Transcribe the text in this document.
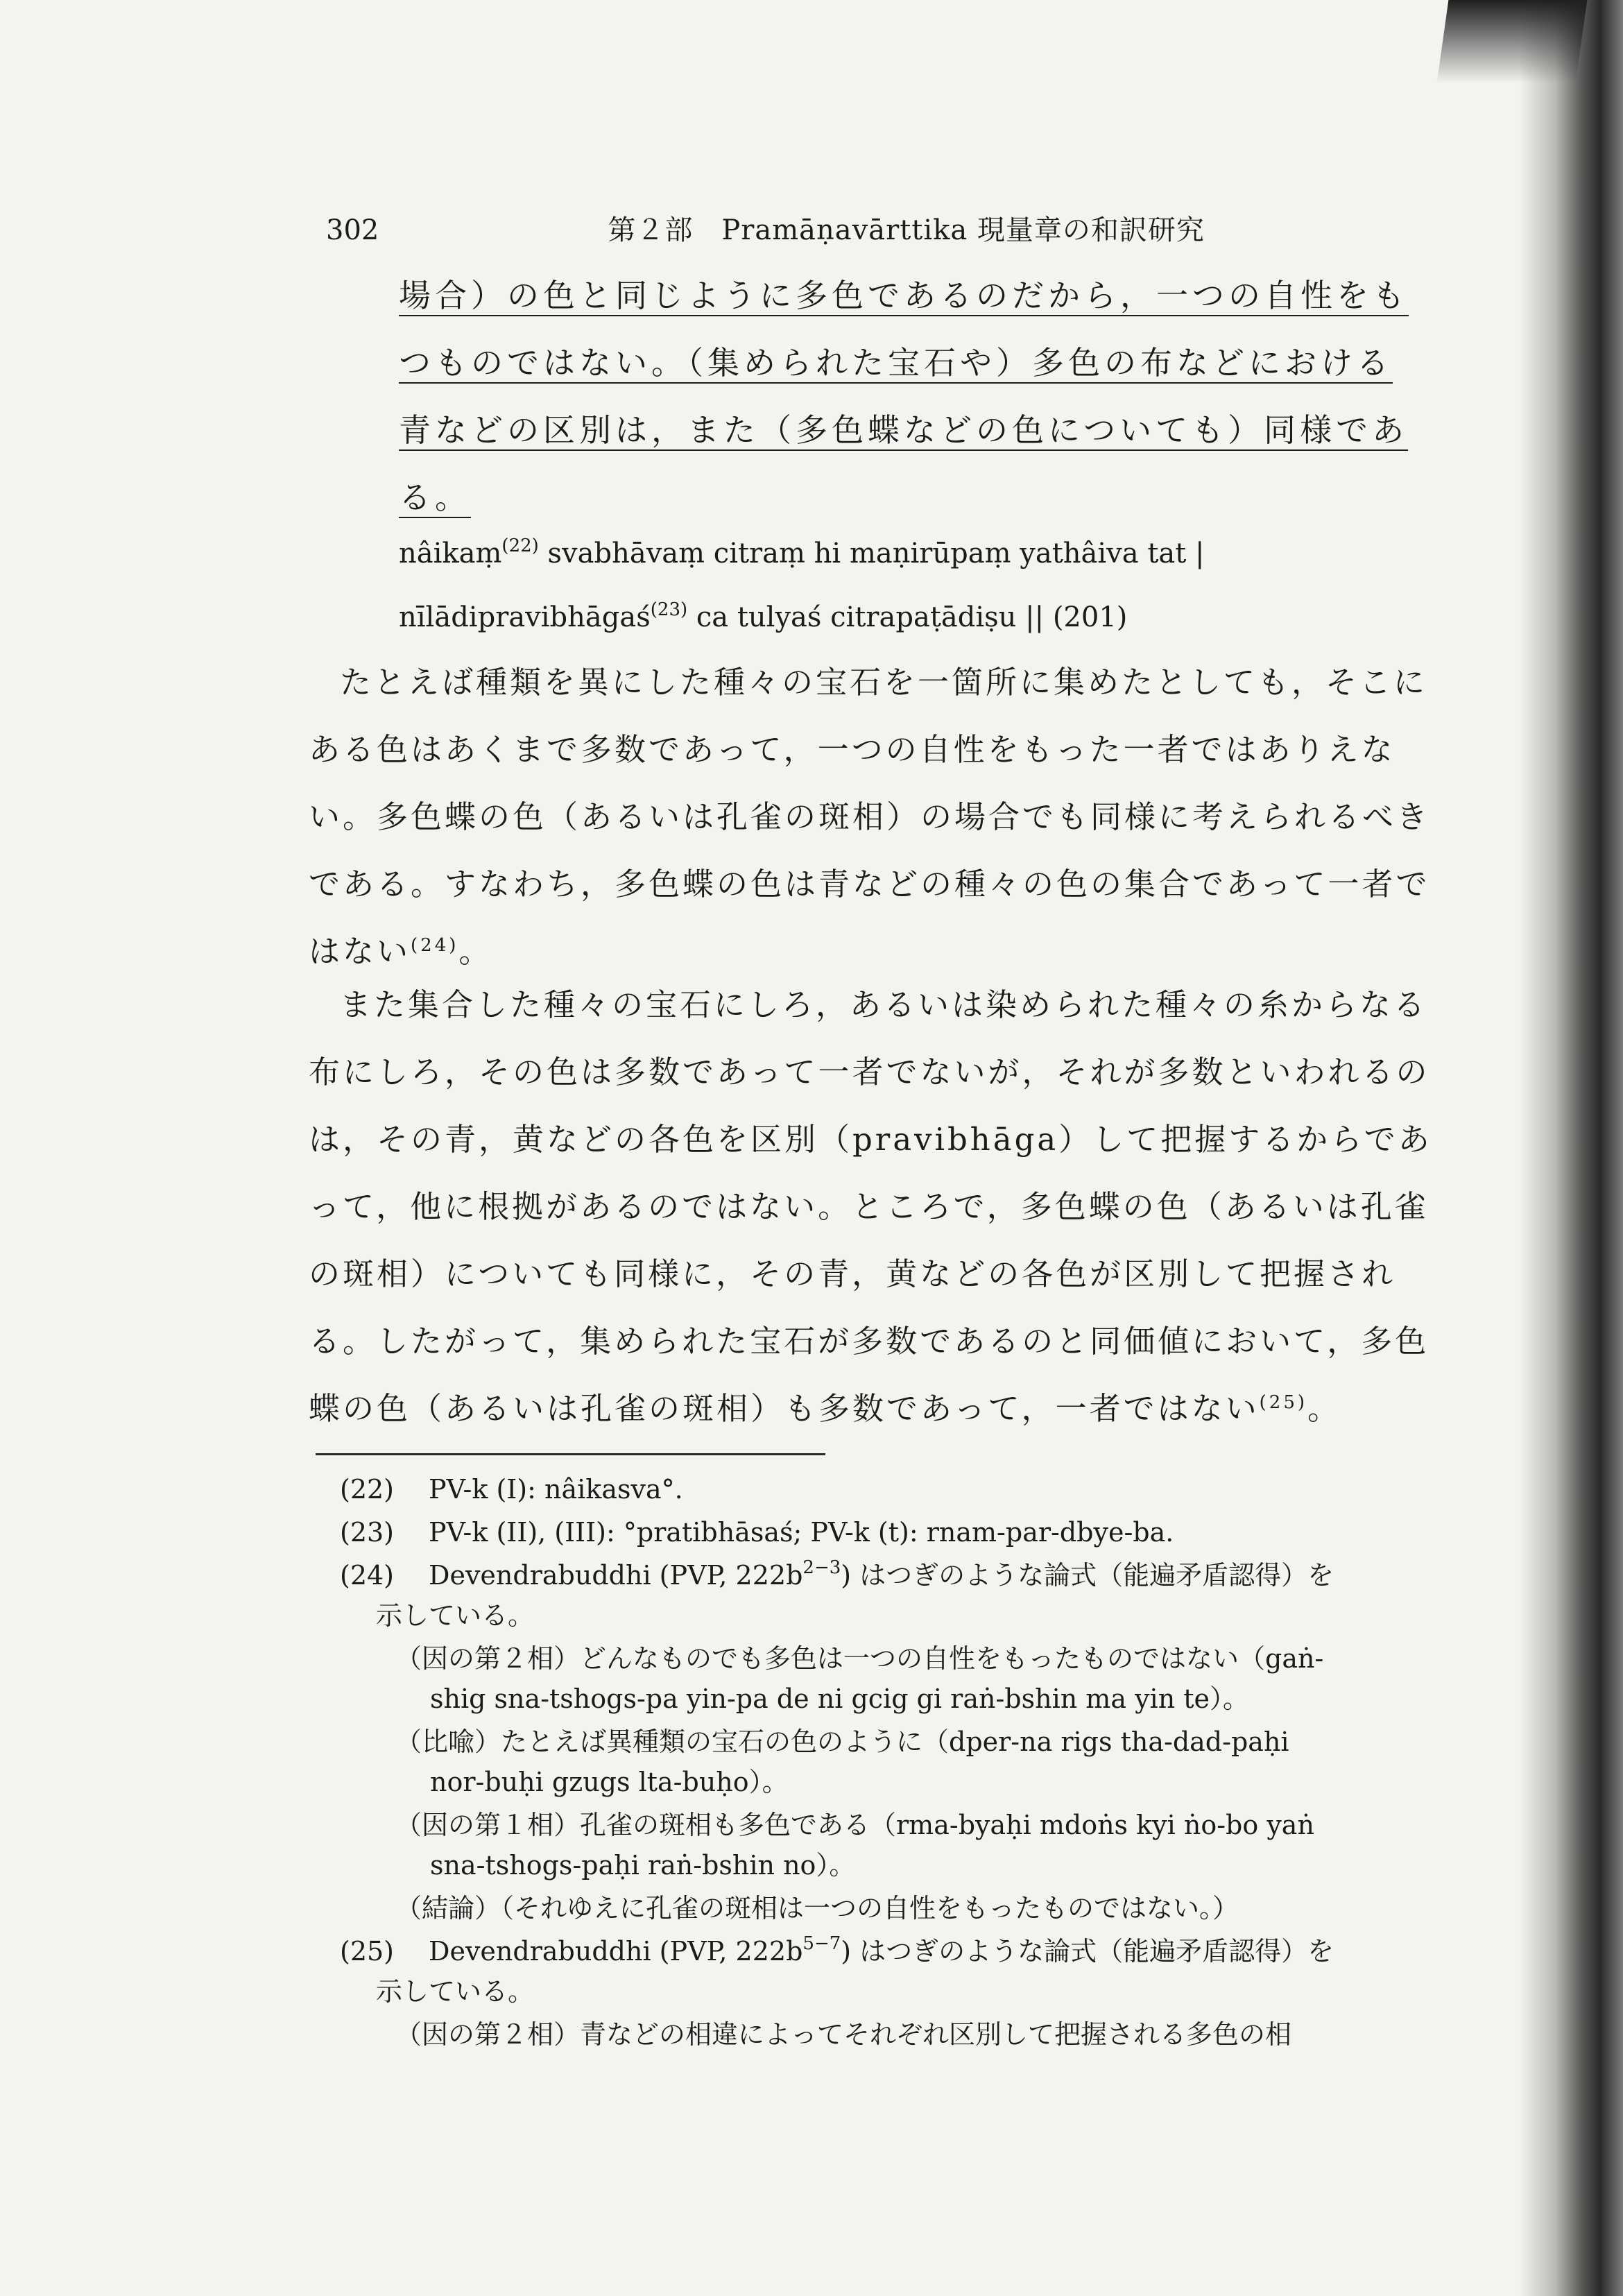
302	第２部　Pramāṇavārttika 現量章の和訳研究
場合）の色と同じように多色であるのだから，一つの自性をも
つものではない。（集められた宝石や）多色の布などにおける
青などの区別は，また（多色蝶などの色についても）同様であ
る。
nâikaṃ$^{(22)}$ svabhāvaṃ citraṃ hi maṇirūpaṃ yathâiva tat |
nīlādipravibhāgaś$^{(23)}$ ca tulyaś citrapaṭādiṣu || (201)
たとえば種類を異にした種々の宝石を一箇所に集めたとしても，そこにある色はあくまで多数であって，一つの自性をもった一者ではありえない。多色蝶の色（あるいは孔雀の斑相）の場合でも同様に考えられるべきである。すなわち，多色蝶の色は青などの種々の色の集合であって一者ではない$^{(24)}$。
また集合した種々の宝石にしろ，あるいは染められた種々の糸からなる布にしろ，その色は多数であって一者でないが，それが多数といわれるのは，その青，黄などの各色を区別（pravibhāga）して把握するからであって，他に根拠があるのではない。ところで，多色蝶の色（あるいは孔雀の斑相）についても同様に，その青，黄などの各色が区別して把握される。したがって，集められた宝石が多数であるのと同価値において，多色蝶の色（あるいは孔雀の斑相）も多数であって，一者ではない$^{(25)}$。
(22) PV-k (I): nâikasva°.
(23) PV-k (II), (III): °pratibhāsaś; PV-k (t): rnam-par-dbye-ba.
(24) Devendrabuddhi (PVP, $222b^{2-3}$) はつぎのような論式（能遍矛盾認得）を
示している。
（因の第２相）どんなものでも多色は一つの自性をもったものではない（gaṅ-
shig sna-tshogs-pa yin-pa de ni gcig gi raṅ-bshin ma yin te）。
（比喩）たとえば異種類の宝石の色のように（dper-na rigs tha-dad-paḥi
nor-buḥi gzugs lta-buḥo）。
（因の第１相）孔雀の斑相も多色である（rma-byaḥi mdoṅs kyi ṅo-bo yaṅ
sna-tshogs-paḥi raṅ-bshin no）。
（結論）（それゆえに孔雀の斑相は一つの自性をもったものではない。）
(25) Devendrabuddhi (PVP, $222b^{5-7}$) はつぎのような論式（能遍矛盾認得）を
示している。
（因の第２相）青などの相違によってそれぞれ区別して把握される多色の相
